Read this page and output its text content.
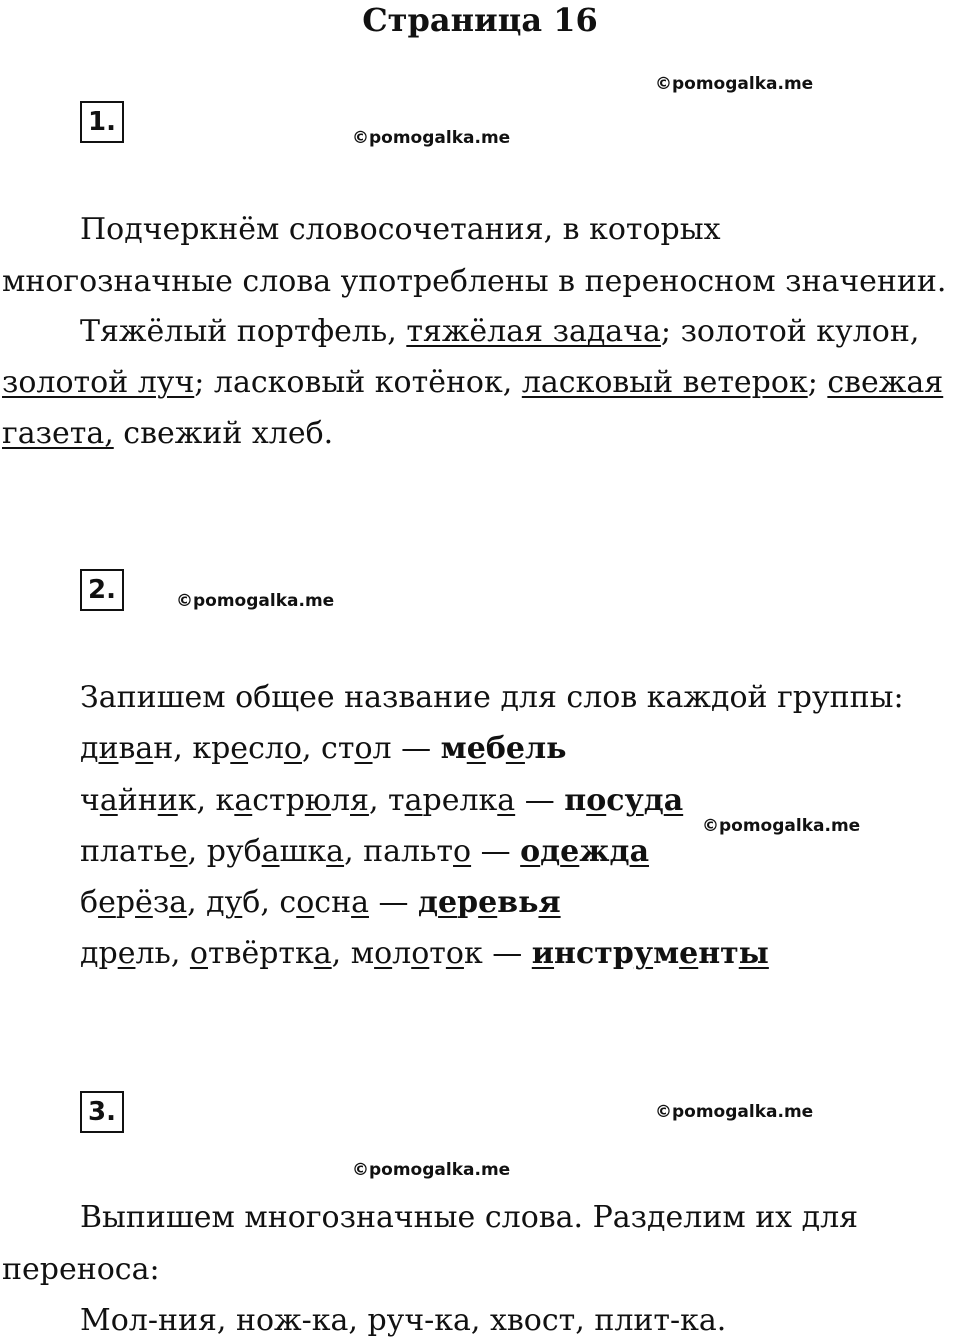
Страница 16
©pomogalka.me
©pomogalka.me
©pomogalka.me
©pomogalka.me
©pomogalka.me
©pomogalka.me
1.
2.
3.
Подчеркнём словосочетания, в которых
многозначные слова употреблены в переносном значении.
Тяжёлый портфель, тяжёлая задача; золотой кулон,
золотой луч; ласковый котёнок, ласковый ветерок; свежая
газета, свежий хлеб.
Запишем общее название для слов каждой группы:
диван, кресло, стол — мебель
чайник, кастрюля, тарелка — посуда
платье, рубашка, пальто — одежда
берёза, дуб, сосна — деревья
дрель, отвёртка, молоток — инструменты
Выпишем многозначные слова. Разделим их для
переноса:
Мол-ния, нож-ка, руч-ка, хвост, плит-ка.
